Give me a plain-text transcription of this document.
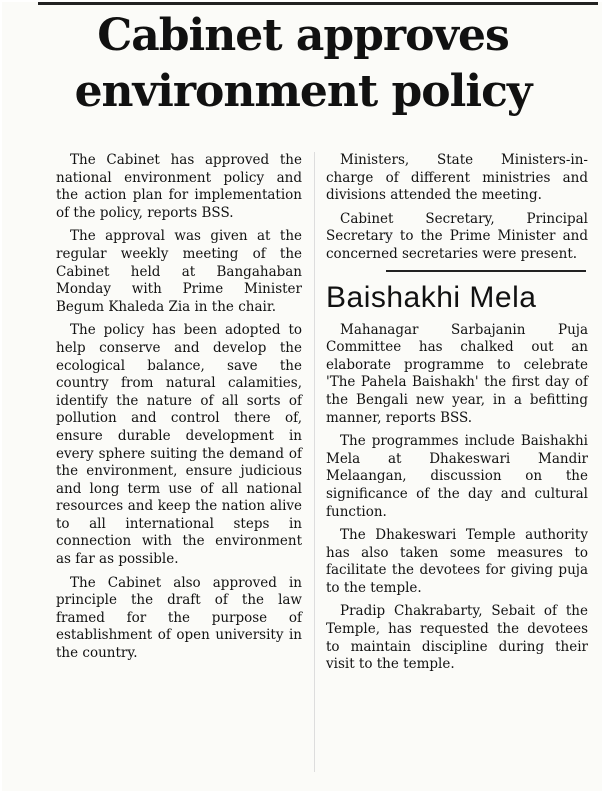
Cabinet approves
environment policy

The Cabinet has approved the national environment policy and the action plan for implementation of the policy, reports BSS.

The approval was given at the regular weekly meeting of the Cabinet held at Bangahaban Monday with Prime Minister Begum Khaleda Zia in the chair.

The policy has been adopted to help conserve and develop the ecological balance, save the country from natural calamities, identify the nature of all sorts of pollution and control there of, ensure durable development in every sphere suiting the demand of the environment, ensure judicious and long term use of all national resources and keep the nation alive to all international steps in connection with the environment as far as possible.

The Cabinet also approved in principle the draft of the law framed for the purpose of establishment of open university in the country.

Ministers, State Ministers-in-charge of different ministries and divisions attended the meeting.

Cabinet Secretary, Principal Secretary to the Prime Minister and concerned secretaries were present.

Baishakhi Mela

Mahanagar Sarbajanin Puja Committee has chalked out an elaborate programme to celebrate 'The Pahela Baishakh' the first day of the Bengali new year, in a befitting manner, reports BSS.

The programmes include Baishakhi Mela at Dhakeswari Mandir Melaangan, discussion on the significance of the day and cultural function.

The Dhakeswari Temple authority has also taken some measures to facilitate the devotees for giving puja to the temple.

Pradip Chakrabarty, Sebait of the Temple, has requested the devotees to maintain discipline during their visit to the temple.
